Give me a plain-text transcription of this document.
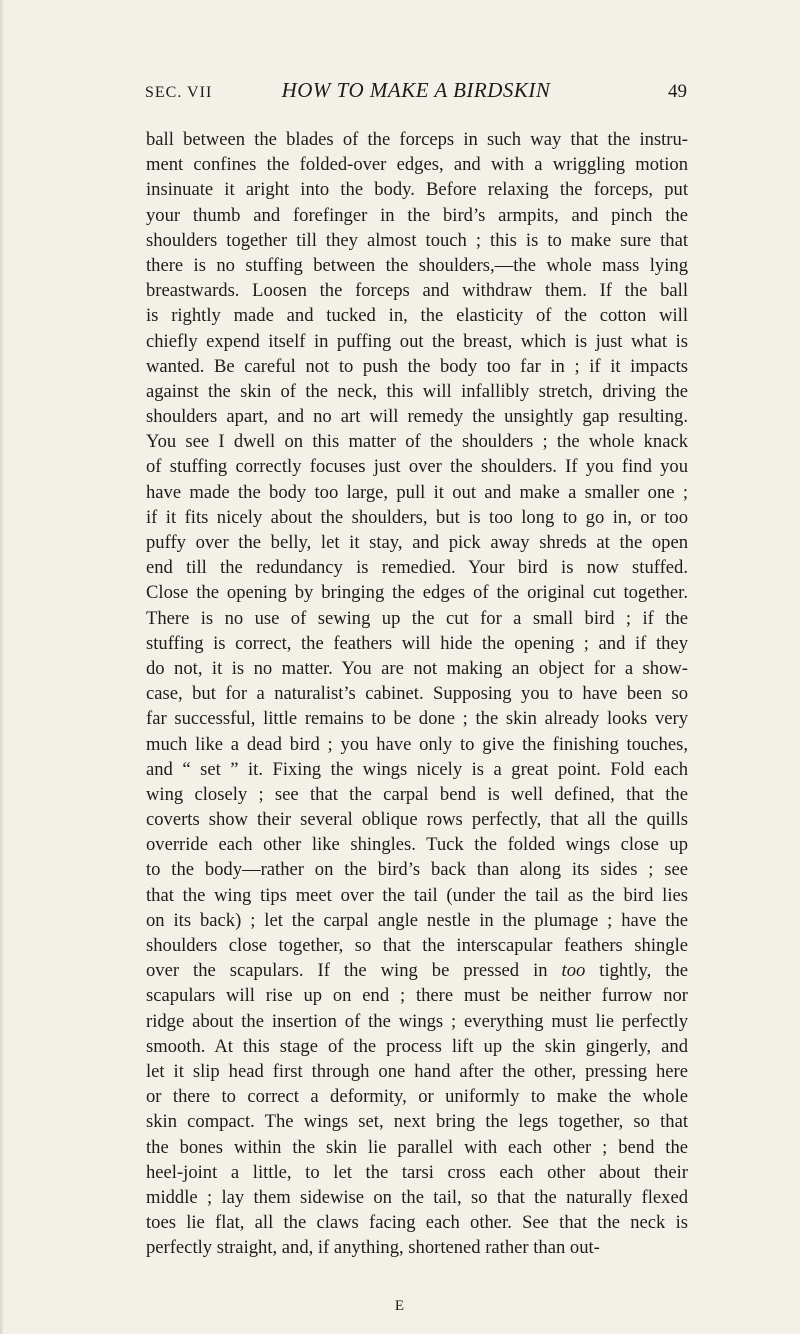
SEC. VII	HOW TO MAKE A BIRDSKIN	49
ball between the blades of the forceps in such way that the instru-
ment confines the folded-over edges, and with a wriggling motion
insinuate it aright into the body. Before relaxing the forceps, put
your thumb and forefinger in the bird’s armpits, and pinch the
shoulders together till they almost touch ; this is to make sure that
there is no stuffing between the shoulders,—the whole mass lying
breastwards. Loosen the forceps and withdraw them. If the ball
is rightly made and tucked in, the elasticity of the cotton will
chiefly expend itself in puffing out the breast, which is just what is
wanted. Be careful not to push the body too far in ; if it impacts
against the skin of the neck, this will infallibly stretch, driving the
shoulders apart, and no art will remedy the unsightly gap resulting.
You see I dwell on this matter of the shoulders ; the whole knack
of stuffing correctly focuses just over the shoulders. If you find you
have made the body too large, pull it out and make a smaller one ;
if it fits nicely about the shoulders, but is too long to go in, or too
puffy over the belly, let it stay, and pick away shreds at the open
end till the redundancy is remedied. Your bird is now stuffed.
Close the opening by bringing the edges of the original cut together.
There is no use of sewing up the cut for a small bird ; if the
stuffing is correct, the feathers will hide the opening ; and if they
do not, it is no matter. You are not making an object for a show-
case, but for a naturalist’s cabinet. Supposing you to have been so
far successful, little remains to be done ; the skin already looks very
much like a dead bird ; you have only to give the finishing touches,
and “ set ” it. Fixing the wings nicely is a great point. Fold each
wing closely ; see that the carpal bend is well defined, that the
coverts show their several oblique rows perfectly, that all the quills
override each other like shingles. Tuck the folded wings close up
to the body—rather on the bird’s back than along its sides ; see
that the wing tips meet over the tail (under the tail as the bird lies
on its back) ; let the carpal angle nestle in the plumage ; have the
shoulders close together, so that the interscapular feathers shingle
over the scapulars. If the wing be pressed in too tightly, the
scapulars will rise up on end ; there must be neither furrow nor
ridge about the insertion of the wings ; everything must lie perfectly
smooth. At this stage of the process lift up the skin gingerly, and
let it slip head first through one hand after the other, pressing here
or there to correct a deformity, or uniformly to make the whole
skin compact. The wings set, next bring the legs together, so that
the bones within the skin lie parallel with each other ; bend the
heel-joint a little, to let the tarsi cross each other about their
middle ; lay them sidewise on the tail, so that the naturally flexed
toes lie flat, all the claws facing each other. See that the neck is
perfectly straight, and, if anything, shortened rather than out-
E
